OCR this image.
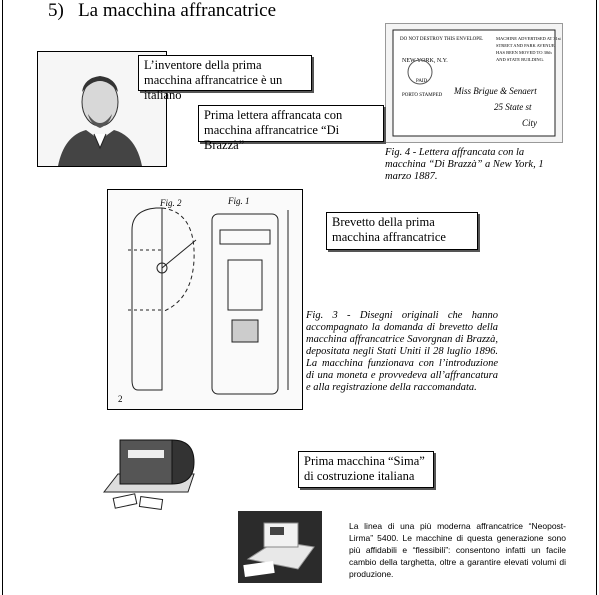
5)   La macchina affrancatrice
L’inventore della prima macchina affrancatrice è un italiano
DO NOT DESTROY THIS ENVELOPE.
NEW YORK, N.Y.
PAID
PORTO STAMPED
MACHINE ADVERTISED AT 31st
STREET AND PARK AVENUE
HAS BEEN MOVED TO 30th
AND STATE BUILDING.
Miss Brigue & Senaert
25 State st
City
Prima lettera affrancata con macchina affrancatrice “Di Brazzà”
Fig. 4 - Lettera affrancata con la macchina “Di Brazzà” a New York, 1 marzo 1887.
Fig. 2	Fig. 1
2
Brevetto della prima macchina affrancatrice
Fig. 3 - Disegni originali che hanno accompagnato la domanda di brevetto della macchina affrancatrice Savorgnan di Brazzà, depositata negli Stati Uniti il 28 luglio 1896. La macchina funzionava con l’introduzione di una moneta e provvedeva all’affrancatura e alla registrazione della raccomandata.
Prima macchina “Sima” di costruzione italiana
La linea di una più moderna affrancatrice “Neopost-Lirma” 5400. Le macchine di questa generazione sono più affidabili e “flessibili”: consentono infatti un facile cambio della targhetta, oltre a garantire elevati volumi di produzione.
